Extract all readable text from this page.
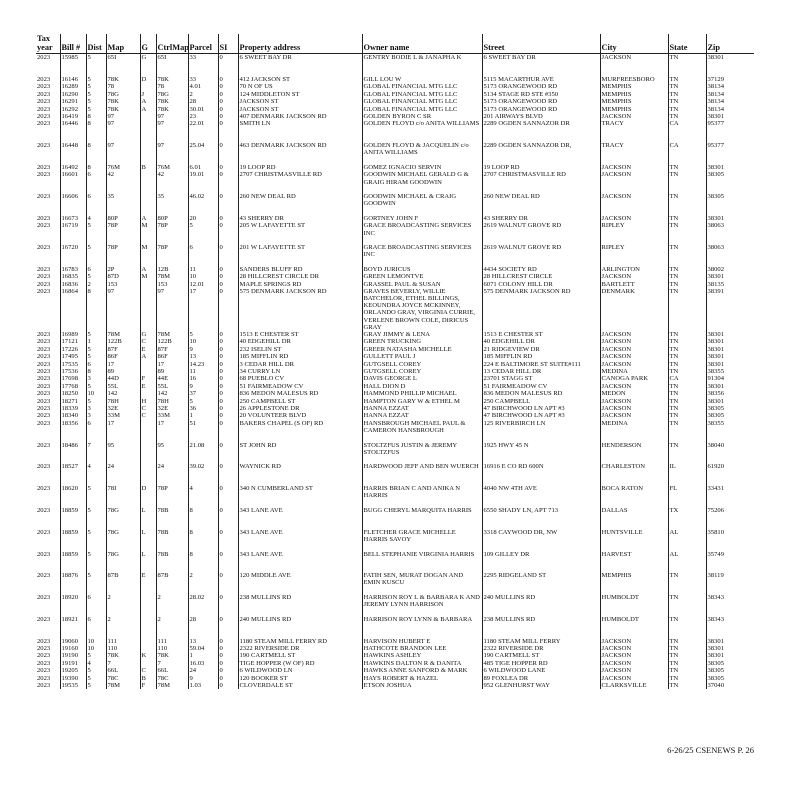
Tax year	Bill #	Dist	Map	G	CtrlMap	Parcel	SI	Property address	Owner name	Street	City	State	Zip
2023	15985	5	65I	G	65I	33	0	6 SWEET BAY DR	GENTRY BODIE L & JANAPHA K	6 SWEET BAY DR	JACKSON	TN	38301
2023	16146	5	78K	D	78K	33	0	412 JACKSON ST	GILL LOU W	5115 MACARTHUR AVE	MURFREESBORO	TN	37129
2023	16289	5	78		78	4.01	0	70 N OF US	GLOBAL FINANCIAL MTG LLC	5173 ORANGEWOOD RD	MEMPHIS	TN	38134
2023	16290	5	78G	J	78G	2	0	124 MIDDLETON ST	GLOBAL FINANCIAL MTG LLC	5134 STAGE RD STE #350	MEMPHIS	TN	38134
2023	16291	5	78K	A	78K	28	0	JACKSON ST	GLOBAL FINANCIAL MTG LLC	5173 ORANGEWOOD RD	MEMPHIS	TN	38134
2023	16292	5	78K	A	78K	30.01	0	JACKSON ST	GLOBAL FINANCIAL MTG LLC	5173 ORANGEWOOD RD	MEMPHIS	TN	38134
2023	16419	8	97		97	23	0	407 DENMARK JACKSON RD	GOLDEN BYRON C SR	201 AIRWAYS BLVD	JACKSON	TN	38301
2023	16446	8	97		97	22.01	0	SMITH LN	GOLDEN FLOYD c/o ANITA WILLIAMS	2289 OGDEN SANNAZOR DR	TRACY	CA	95377
2023	16448	8	97		97	25.04	0	463 DENMARK JACKSON RD	GOLDEN FLOYD & JACQUELIN c/o ANITA WILLIAMS	2289 OGDEN SANNAZOR DR,	TRACY	CA	95377
2023	16492	8	76M	B	76M	6.01	0	19 LOOP RD	GOMEZ IGNACIO SERVIN	19 LOOP RD	JACKSON	TN	38301
2023	16601	6	42		42	19.01	0	2707 CHRISTMASVILLE RD	GOODWIN MICHAEL GERALD G & GRAIG HIRAM GOODWIN	2707 CHRISTMASVILLE RD	JACKSON	TN	38305
2023	16606	6	35		35	46.02	0	260 NEW DEAL RD	GOODWIN MICHAEL & CRAIG GOODWIN	260 NEW DEAL RD	JACKSON	TN	38305
2023	16673	4	80P	A	80P	20	0	43 SHERRY DR	GORTNEY JOHN F	43 SHERRY DR	JACKSON	TN	38301
2023	16719	5	78P	M	78P	5	0	205 W LAFAYETTE ST	GRACE BROADCASTING SERVICES INC	2619 WALNUT GROVE RD	RIPLEY	TN	38063
2023	16720	5	78P	M	78P	6	0	201 W LAFAYETTE ST	GRACE BROADCASTING SERVICES INC	2619 WALNUT GROVE RD	RIPLEY	TN	38063
2023	16783	6	2P	A	12B	11	0	SANDERS BLUFF RD	BOYD JURICUS	4434 SOCIETY RD	ARLINGTON	TN	38002
2023	16835	5	87D	M	78M	10	0	28 HILLCREST CIRCLE DR	GREEN LEMONTVE	28 HILLCREST CIRCLE	JACKSON	TN	38301
2023	16836	2	153		153	12.01	0	MAPLE SPRINGS RD	GRASSEL PAUL & SUSAN	6071 COLONY HILL DR	BARTLETT	TN	38135
2023	16864	8	97		97	17	0	575 DENMARK JACKSON RD	GRAVES BEVERLY, WILLIE BATCHELOR, ETHEL BILLINGS, KEOUNDRA JOYCE MCKINNEY, ORLANDO GRAY, VIRGINIA CURRIE, VERLENE BROWN COLE, DIRICUS GRAY	575 DENMARK JACKSON RD	DENMARK	TN	38391
2023	16989	5	78M	G	78M	5	0	1513 E CHESTER ST	GRAY JIMMY & LENA	1513 E CHESTER ST	JACKSON	TN	38301
2023	17121	1	122B	C	122B	10	0	40 EDGEHILL DR	GREEN TRUCKING	40 EDGEHILL DR	JACKSON	TN	38301
2023	17226	5	87F	E	87F	9	0	232 ISELIN ST	GREER NATASHA MICHELLE	21 RIDGEVIEW DR	JACKSON	TN	38301
2023	17495	5	86F	A	86F	13	0	185 MIFFLIN RD	GULLETT PAUL J	185 MIFFLIN RD	JACKSON	TN	38301
2023	17535	6	17		17	14.23	0	3 CEDAR HILL DR	GUTGSELL COREY	224 E BALTIMORE ST SUITE#111	JACKSON	TN	38301
2023	17536	8	89		89	11	0	34 CURRY LN	GUTGSELL COREY	13 CEDAR HILL DR	MEDINA	TN	38355
2023	17698	3	44D	F	44E	16	0	68 PUEBLO CV	DAVIS GEORGE L	23701 STAGG ST	CANOGA PARK	CA	91304
2023	17768	5	55L	E	55L	9	0	51 FAIRMEADOW CV	HALL DION D	51 FAIRMEADOW CV	JACKSON	TN	38301
2023	18250	10	142		142	37	0	836 MEDON MALESUS RD	HAMMOND PHILLIP MICHAEL	836 MEDON MALESUS RD	MEDON	TN	38356
2023	18271	5	78H	H	78H	5	0	250 CAMPBELL ST	HAMPTON GARY W & ETHEL M	250 CAMPBELL	JACKSON	TN	38301
2023	18339	3	32E	C	32E	36	0	26 APPLESTONE DR	HANNA EZZAT	47 BIRCHWOOD LN APT #3	JACKSON	TN	38305
2023	18340	3	33M	C	33M	1	0	20 VOLUNTEER BLVD	HANNA EZZAT	47 BIRCHWOOD LN APT #3	JACKSON	TN	38305
2023	18356	6	17		17	51	0	BAKERS CHAPEL (S OF) RD	HANSBROUGH MICHAEL PAUL & CAMERON HANSBROUGH	125 RIVERBIRCH LN	MEDINA	TN	38355
2023	18486	7	95		95	21.08	0	ST JOHN RD	STOLTZFUS JUSTIN & JEREMY STOLTZFUS	1925 HWY 45 N	HENDERSON	TN	38040
2023	18527	4	24		24	39.02	0	WAYNICK RD	HARDWOOD JEFF AND BEN WUERCH	16916 E CO RD 600N	CHARLESTON	IL	61920
2023	18620	5	78I	D	78P	4	0	340 N CUMBERLAND ST	HARRIS BRIAN C AND ANIKA N HARRIS	4040 NW 4TH AVE	BOCA RATON	FL	33431
2023	18859	5	78G	L	78B	8	0	343 LANE AVE	BUGG CHERYL MARQUITA HARRIS	6550 SHADY LN, APT 713	DALLAS	TX	75206
2023	18859	5	78G	L	78B	8	0	343 LANE AVE	FLETCHER GRACE MICHELLE HARRIS SAVOY	3318 CAYWOOD DR, NW	HUNTSVILLE	AL	35810
2023	18859	5	78G	L	78B	8	0	343 LANE AVE	BELL STEPHANIE VIRGINIA HARRIS	109 GILLEY DR	HARVEST	AL	35749
2023	18876	5	87B	E	87B	2	0	120 MIDDLE AVE	FATIH SEN, MURAT DOGAN AND EMIN KUSCU	2295 RIDGELAND ST	MEMPHIS	TN	38119
2023	18920	6	2		2	28.02	0	238 MULLINS RD	HARRISON ROY L & BARBARA K AND JEREMY LYNN HARRISON	240 MULLINS RD	HUMBOLDT	TN	38343
2023	18921	6	2		2	28	0	240 MULLINS RD	HARRISON ROY LYNN & BARBARA	238 MULLINS RD	HUMBOLDT	TN	38343
2023	19060	10	111		111	13	0	1180 STEAM MILL FERRY RD	HARVISON HUBERT E	1180 STEAM MILL FERRY	JACKSON	TN	38301
2023	19160	10	110		110	59.04	0	2322 RIVERSIDE DR	HATHCOTE BRANDON LEE	2322 RIVERSIDE DR	JACKSON	TN	38301
2023	19190	5	78K	K	78K	1	0	190 CARTMELL ST	HAWKINS ASHLEY	190 CARTMELL ST	JACKSON	TN	38301
2023	19191	4	7		7	16.03	0	TIGE HOPPER (W OF) RD	HAWKINS DALTON R & DANITA	485 TIGE HOPPER RD	JACKSON	TN	38305
2023	19205	5	66L	C	66L	24	0	6 WILDWOOD LN	HAWKS ANNE SANFORD & MARK	6 WILDWOOD LANE	JACKSON	TN	38305
2023	19390	5	78C	B	78C	9	0	120 BOOKER ST	HAYS ROBERT & HAZEL	89 FOXLEA DR	JACKSON	TN	38305
2023	19535	5	78M	F	78M	1.03	0	CLOVERDALE ST	ETSON JOSHUA	952 GLENHURST WAY	CLARKSVILLE	TN	37040
6-26/25 CSENEWS P. 26
